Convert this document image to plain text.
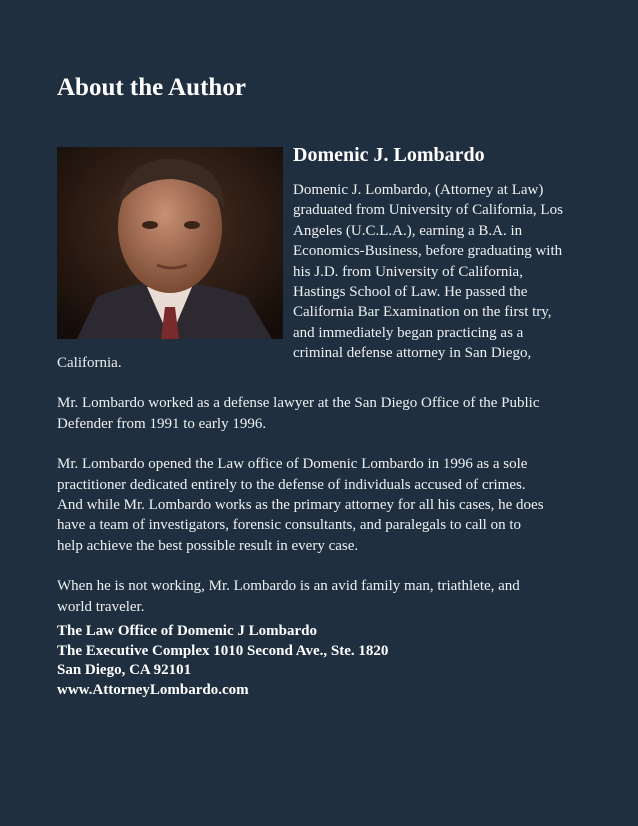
About the Author
Domenic J. Lombardo
Domenic J. Lombardo, (Attorney at Law)
graduated from University of California, Los
Angeles (U.C.L.A.), earning a B.A. in
Economics-Business, before graduating with
his J.D. from University of California,
Hastings School of Law. He passed the
California Bar Examination on the first try,
and immediately began practicing as a
criminal defense attorney in San Diego,

California.

Mr. Lombardo worked as a defense lawyer at the San Diego Office of the Public
Defender from 1991 to early 1996.

Mr. Lombardo opened the Law office of Domenic Lombardo in 1996 as a sole
practitioner dedicated entirely to the defense of individuals accused of crimes.
And while Mr. Lombardo works as the primary attorney for all his cases, he does
have a team of investigators, forensic consultants, and paralegals to call on to
help achieve the best possible result in every case.

When he is not working, Mr. Lombardo is an avid family man, triathlete, and
world traveler.

The Law Office of Domenic J Lombardo
The Executive Complex 1010 Second Ave., Ste. 1820
San Diego, CA 92101
www.AttorneyLombardo.com
